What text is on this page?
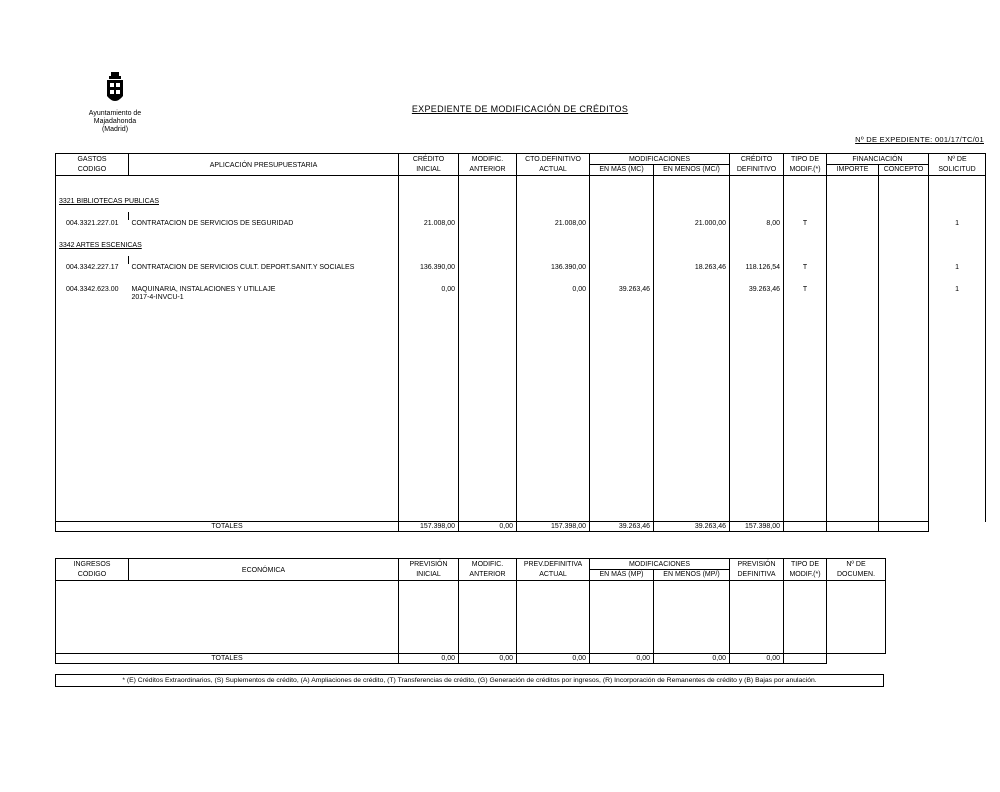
Ayuntamiento de
Majadahonda
(Madrid)
EXPEDIENTE DE MODIFICACIÓN DE CRÉDITOS
Nº DE EXPEDIENTE: 001/17/TC/01
GASTOS	APLICACIÓN PRESUPUESTARIA	CRÉDITO	MODIFIC.	CTO.DEFINITIVO	MODIFICACIONES		CRÉDITO	TIPO DE	FINANCIACIÓN		Nº DE
CÓDIGO		INICIAL	ANTERIOR	ACTUAL	EN MÁS (MC)	EN MENOS (MC/)	DEFINITIVO	MODIF.(*)	IMPORTE	CONCEPTO	SOLICITUD

3321 BIBLIOTECAS PÚBLICAS											

004.3321.227.01	CONTRATACIÓN DE SERVICIOS DE SEGURIDAD	21.008,00		21.008,00		21.000,00	8,00	T			1
3342 ARTES ESCÉNICAS											

004.3342.227.17	CONTRATACIÓN DE SERVICIOS CULT. DEPORT.SANIT.Y SOCIALES	136.390,00		136.390,00		18.263,46	118.126,54	T			1
004.3342.623.00	MAQUINARIA, INSTALACIONES Y UTILLAJE
2017-4-INVCU-1	0,00		0,00	39.263,46		39.263,46	T			1
TOTALES		157.398,00	0,00	157.398,00	39.263,46	39.263,46	157.398,00				
INGRESOS	ECONÓMICA	PREVISIÓN	MODIFIC.	PREV.DEFINITIVA	MODIFICACIONES		PREVISIÓN	TIPO DE	Nº DE
CÓDIGO		INICIAL	ANTERIOR	ACTUAL	EN MÁS (MP)	EN MENOS (MP/)	DEFINITIVA	MODIF.(*)	DOCUMEN.

TOTALES		0,00	0,00	0,00	0,00	0,00	0,00		
* (E) Créditos Extraordinarios, (S) Suplementos de crédito, (A) Ampliaciones de crédito, (T) Transferencias de crédito, (G) Generación de créditos por ingresos, (R) Incorporación de Remanentes de crédito y (B) Bajas por anulación.
